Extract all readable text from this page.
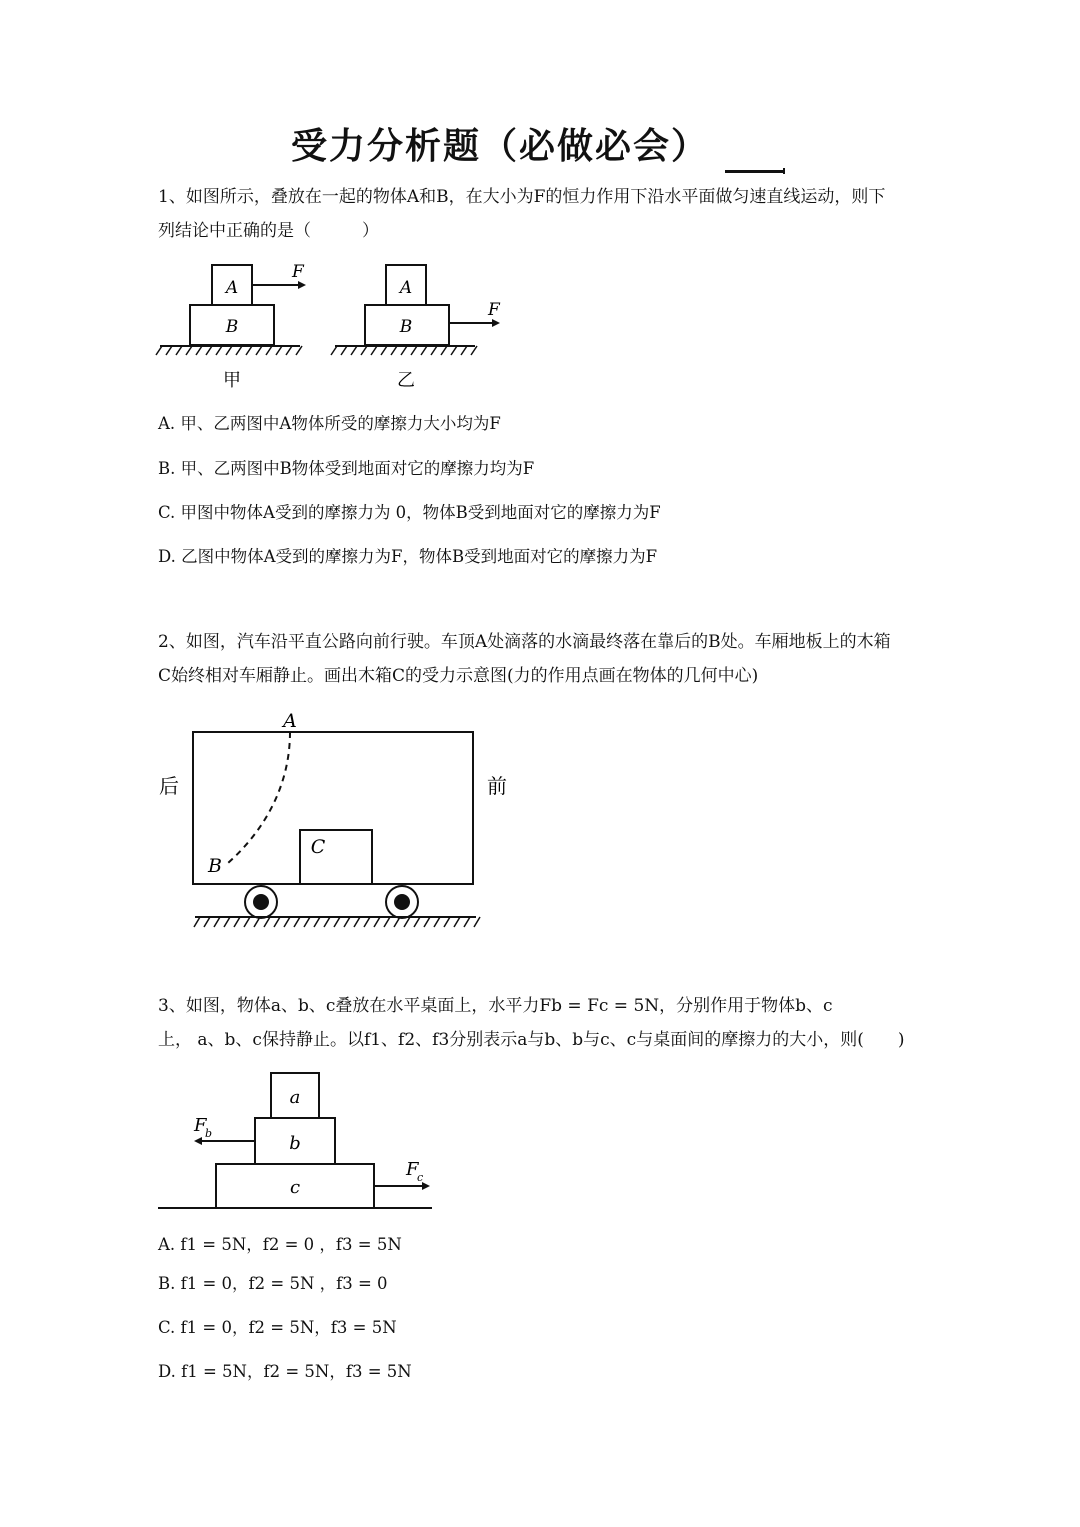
受力分析题（必做必会）
1、如图所示，叠放在一起的物体A和B，在大小为F的恒力作用下沿水平面做匀速直线运动，则下
列结论中正确的是（　　　）
A
B
F
甲
A
B
F
乙
A. 甲、乙两图中A物体所受的摩擦力大小均为F
B. 甲、乙两图中B物体受到地面对它的摩擦力均为F
C. 甲图中物体A受到的摩擦力为 0，物体B受到地面对它的摩擦力为F
D. 乙图中物体A受到的摩擦力为F，物体B受到地面对它的摩擦力为F
2、如图，汽车沿平直公路向前行驶。车顶A处滴落的水滴最终落在靠后的B处。车厢地板上的木箱
C始终相对车厢静止。画出木箱C的受力示意图(力的作用点画在物体的几何中心)
A
B
C
后	前
3、如图，物体a、b、c叠放在水平桌面上，水平力Fb = Fc = 5N，分别作用于物体b、c
上， a、b、c保持静止。以f1、f2、f3分别表示a与b、b与c、c与桌面间的摩擦力的大小，则(　　)
a
b
c
F
b
F
c
A. f1 = 5N，f2 = 0 ，f3 = 5N
B. f1 = 0，f2 = 5N ，f3 = 0
C. f1 = 0，f2 = 5N，f3 = 5N
D. f1 = 5N，f2 = 5N，f3 = 5N
